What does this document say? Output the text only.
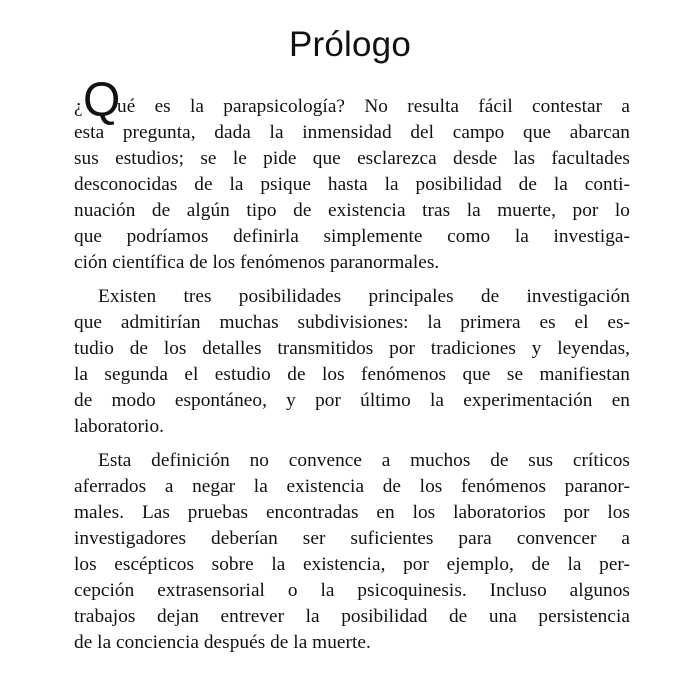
Prólogo
¿ Q
ué es la parapsicología? No resulta fácil contestar a
esta pregunta, dada la inmensidad del campo que abarcan
sus estudios; se le pide que esclarezca desde las facultades
desconocidas de la psique hasta la posibilidad de la conti-
nuación de algún tipo de existencia tras la muerte, por lo
que podríamos definirla simplemente como la investiga-
ción científica de los fenómenos paranormales.
Existen tres posibilidades principales de investigación
que admitirían muchas subdivisiones: la primera es el es-
tudio de los detalles transmitidos por tradiciones y leyendas,
la segunda el estudio de los fenómenos que se manifiestan
de modo espontáneo, y por último la experimentación en
laboratorio.
Esta definición no convence a muchos de sus críticos
aferrados a negar la existencia de los fenómenos paranor-
males. Las pruebas encontradas en los laboratorios por los
investigadores deberían ser suficientes para convencer a
los escépticos sobre la existencia, por ejemplo, de la per-
cepción extrasensorial o la psicoquinesis. Incluso algunos
trabajos dejan entrever la posibilidad de una persistencia
de la conciencia después de la muerte.
